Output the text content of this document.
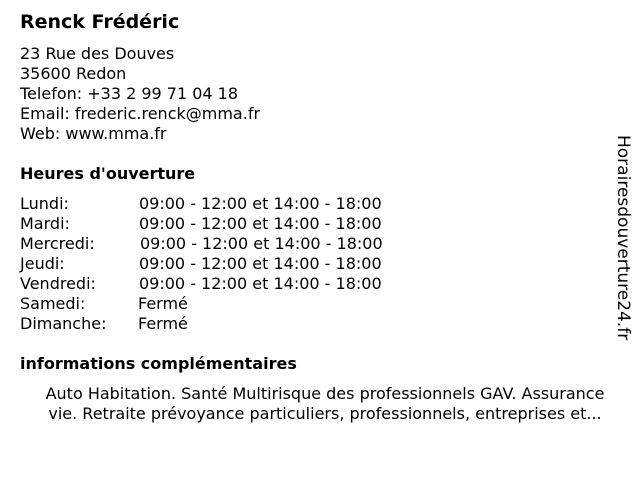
Renck Frédéric
23 Rue des Douves
35600 Redon
Telefon: +33 2 99 71 04 18
Email: frederic.renck@mma.fr
Web: www.mma.fr
Heures d'ouverture
Lundi:	09:00 - 12:00 et 14:00 - 18:00
Mardi:	09:00 - 12:00 et 14:00 - 18:00
Mercredi:	09:00 - 12:00 et 14:00 - 18:00
Jeudi:	09:00 - 12:00 et 14:00 - 18:00
Vendredi:	09:00 - 12:00 et 14:00 - 18:00
Samedi:	Fermé
Dimanche: Fermé
informations complémentaires
Auto Habitation. Santé Multirisque des professionnels GAV. Assurance
vie. Retraite prévoyance particuliers, professionnels, entreprises et...
Horairesdouverture24.fr
